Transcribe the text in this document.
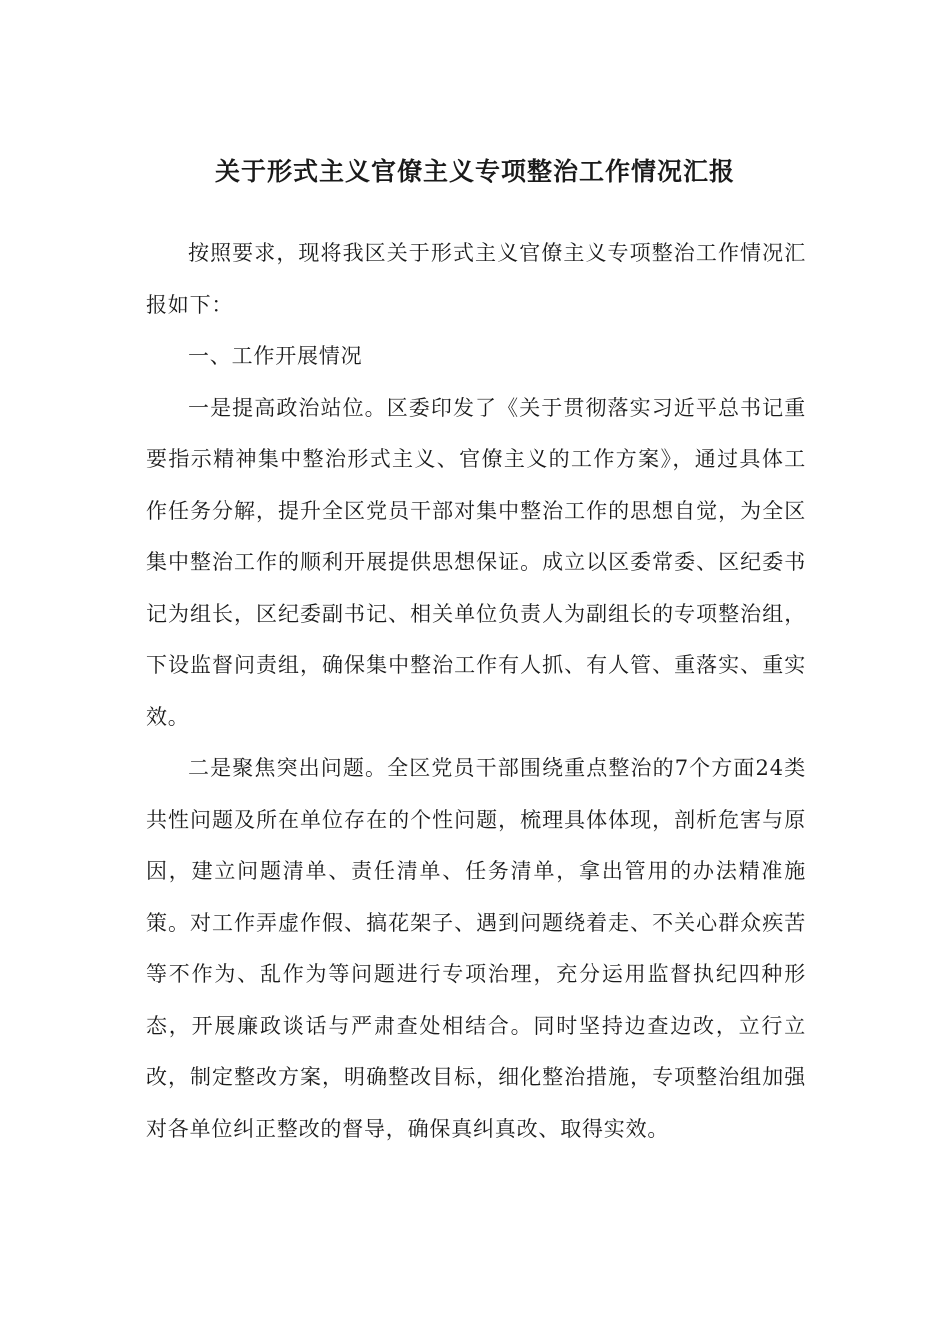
关于形式主义官僚主义专项整治工作情况汇报

按照要求，现将我区关于形式主义官僚主义专项整治工作情况汇报如下：

一、工作开展情况

一是提高政治站位。区委印发了《关于贯彻落实习近平总书记重要指示精神集中整治形式主义、官僚主义的工作方案》，通过具体工作任务分解，提升全区党员干部对集中整治工作的思想自觉，为全区集中整治工作的顺利开展提供思想保证。成立以区委常委、区纪委书记为组长，区纪委副书记、相关单位负责人为副组长的专项整治组，下设监督问责组，确保集中整治工作有人抓、有人管、重落实、重实效。

二是聚焦突出问题。全区党员干部围绕重点整治的7个方面24类共性问题及所在单位存在的个性问题，梳理具体体现，剖析危害与原因，建立问题清单、责任清单、任务清单，拿出管用的办法精准施策。对工作弄虚作假、搞花架子、遇到问题绕着走、不关心群众疾苦等不作为、乱作为等问题进行专项治理，充分运用监督执纪四种形态，开展廉政谈话与严肃查处相结合。同时坚持边查边改，立行立改，制定整改方案，明确整改目标，细化整治措施，专项整治组加强对各单位纠正整改的督导，确保真纠真改、取得实效。
